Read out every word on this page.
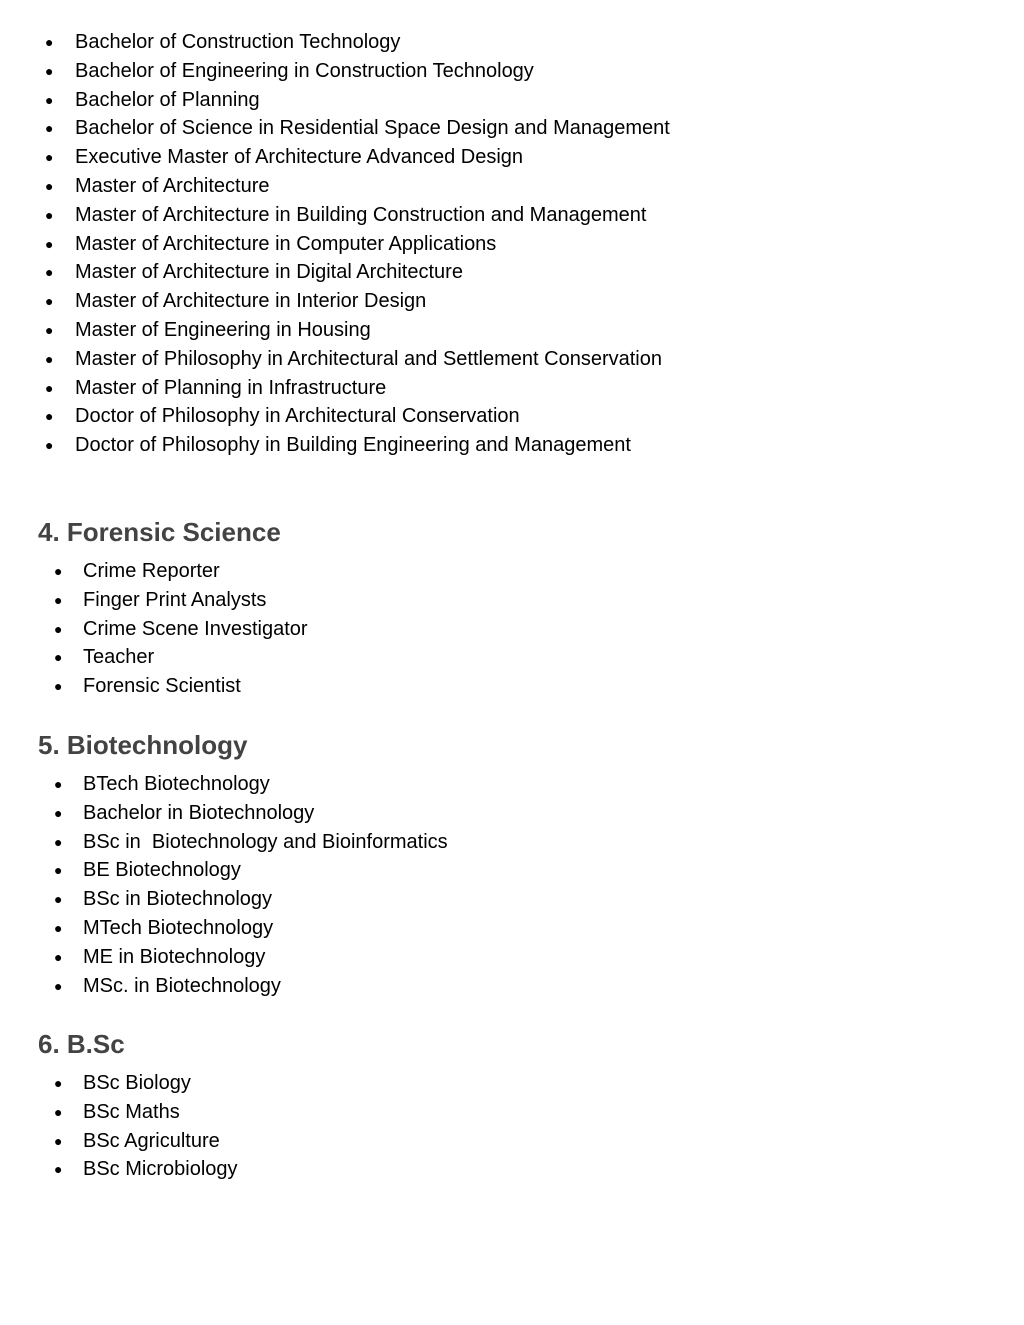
● Bachelor of Construction Technology
● Bachelor of Engineering in Construction Technology
● Bachelor of Planning
● Bachelor of Science in Residential Space Design and Management
● Executive Master of Architecture Advanced Design
● Master of Architecture
● Master of Architecture in Building Construction and Management
● Master of Architecture in Computer Applications
● Master of Architecture in Digital Architecture
● Master of Architecture in Interior Design
● Master of Engineering in Housing
● Master of Philosophy in Architectural and Settlement Conservation
● Master of Planning in Infrastructure
● Doctor of Philosophy in Architectural Conservation
● Doctor of Philosophy in Building Engineering and Management
4. Forensic Science
● Crime Reporter
● Finger Print Analysts
● Crime Scene Investigator
● Teacher
● Forensic Scientist
5. Biotechnology
● BTech Biotechnology
● Bachelor in Biotechnology
● BSc in  Biotechnology and Bioinformatics
● BE Biotechnology
● BSc in Biotechnology
● MTech Biotechnology
● ME in Biotechnology
● MSc. in Biotechnology
6. B.Sc
● BSc Biology
● BSc Maths
● BSc Agriculture
● BSc Microbiology
